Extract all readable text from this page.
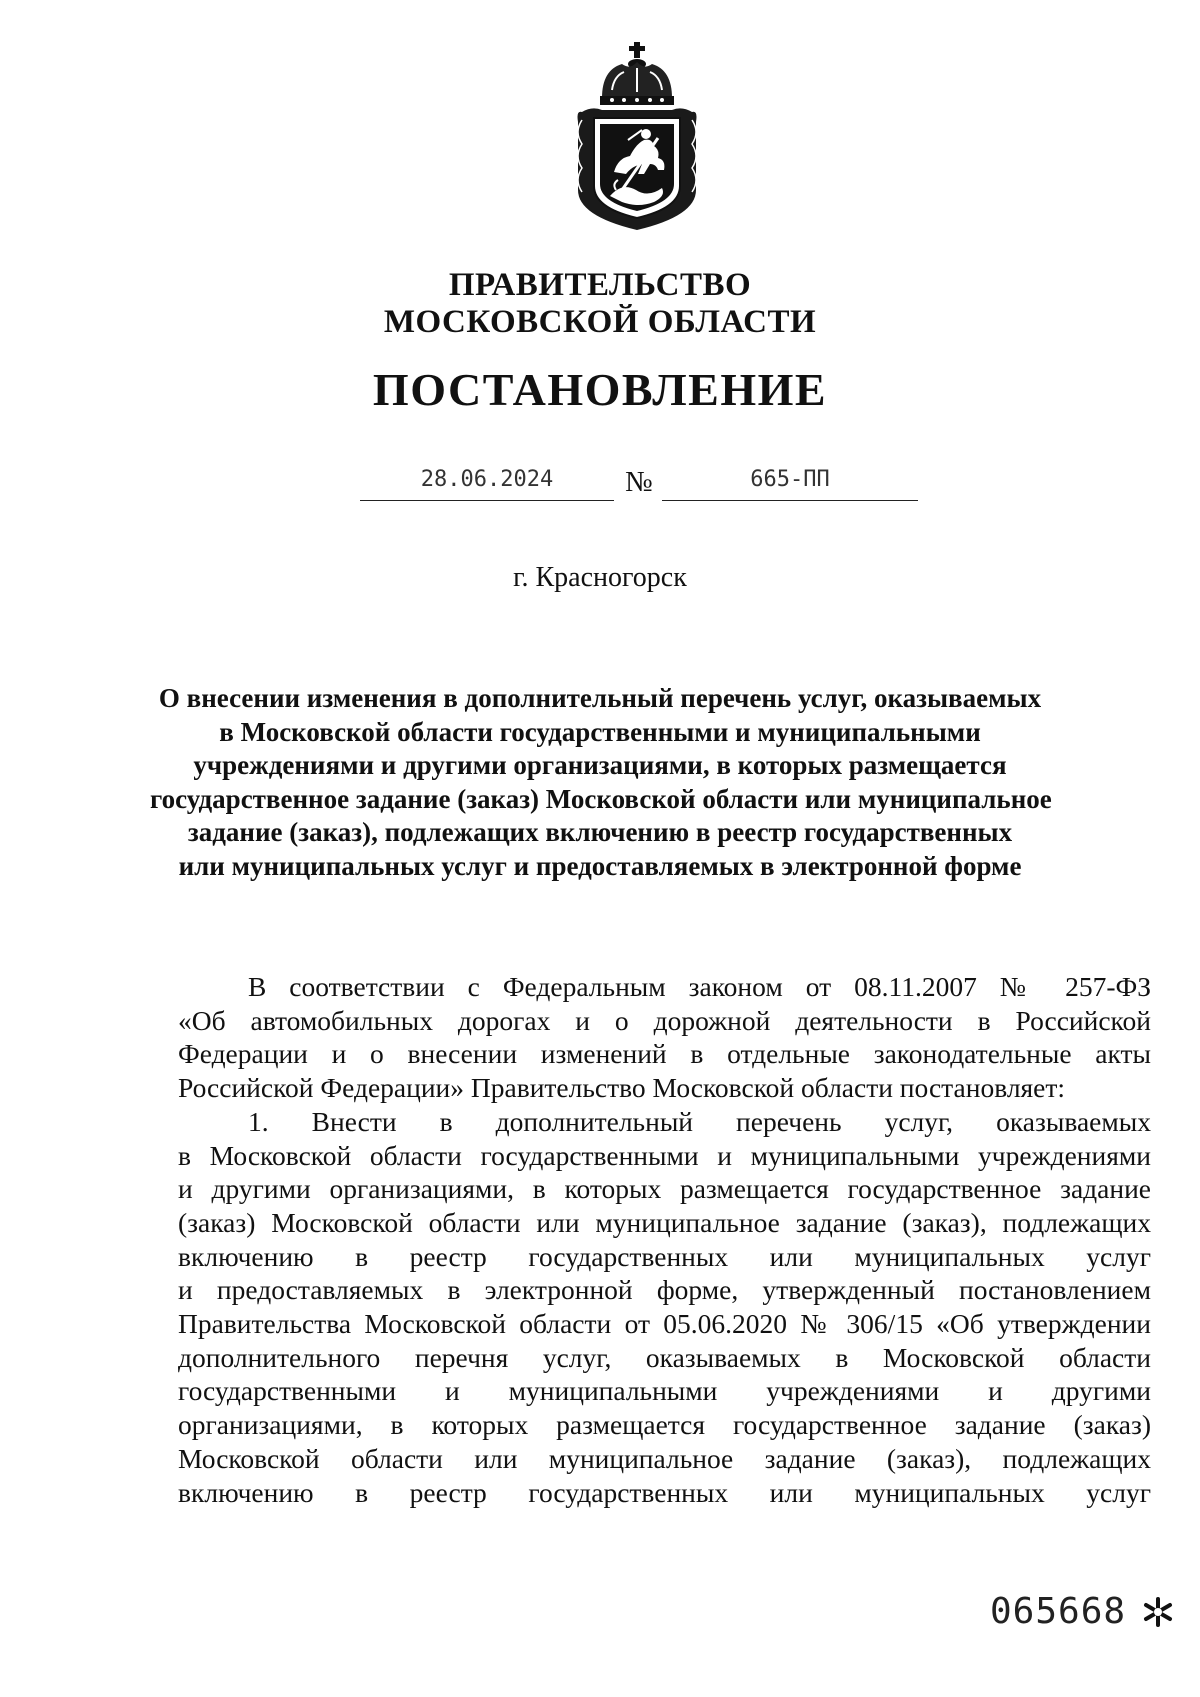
ПРАВИТЕЛЬСТВО
МОСКОВСКОЙ ОБЛАСТИ
ПОСТАНОВЛЕНИЕ
28.06.2024	№	665-ПП
г. Красногорск
О внесении изменения в дополнительный перечень услуг, оказываемых
в Московской области государственными и муниципальными
учреждениями и другими организациями, в которых размещается
государственное задание (заказ) Московской области или муниципальное
задание (заказ), подлежащих включению в реестр государственных
или муниципальных услуг и предоставляемых в электронной форме
В соответствии с Федеральным законом от 08.11.2007 № 257-ФЗ
«Об автомобильных дорогах и о дорожной деятельности в Российской
Федерации и о внесении изменений в отдельные законодательные акты
Российской Федерации» Правительство Московской области постановляет:
1. Внести в дополнительный перечень услуг, оказываемых
в Московской области государственными и муниципальными учреждениями
и другими организациями, в которых размещается государственное задание
(заказ) Московской области или муниципальное задание (заказ), подлежащих
включению в реестр государственных или муниципальных услуг
и предоставляемых в электронной форме, утвержденный постановлением
Правительства Московской области от 05.06.2020 № 306/15 «Об утверждении
дополнительного перечня услуг, оказываемых в Московской области
государственными и муниципальными учреждениями и другими
организациями, в которых размещается государственное задание (заказ)
Московской области или муниципальное задание (заказ), подлежащих
включению в реестр государственных или муниципальных услуг
065668
